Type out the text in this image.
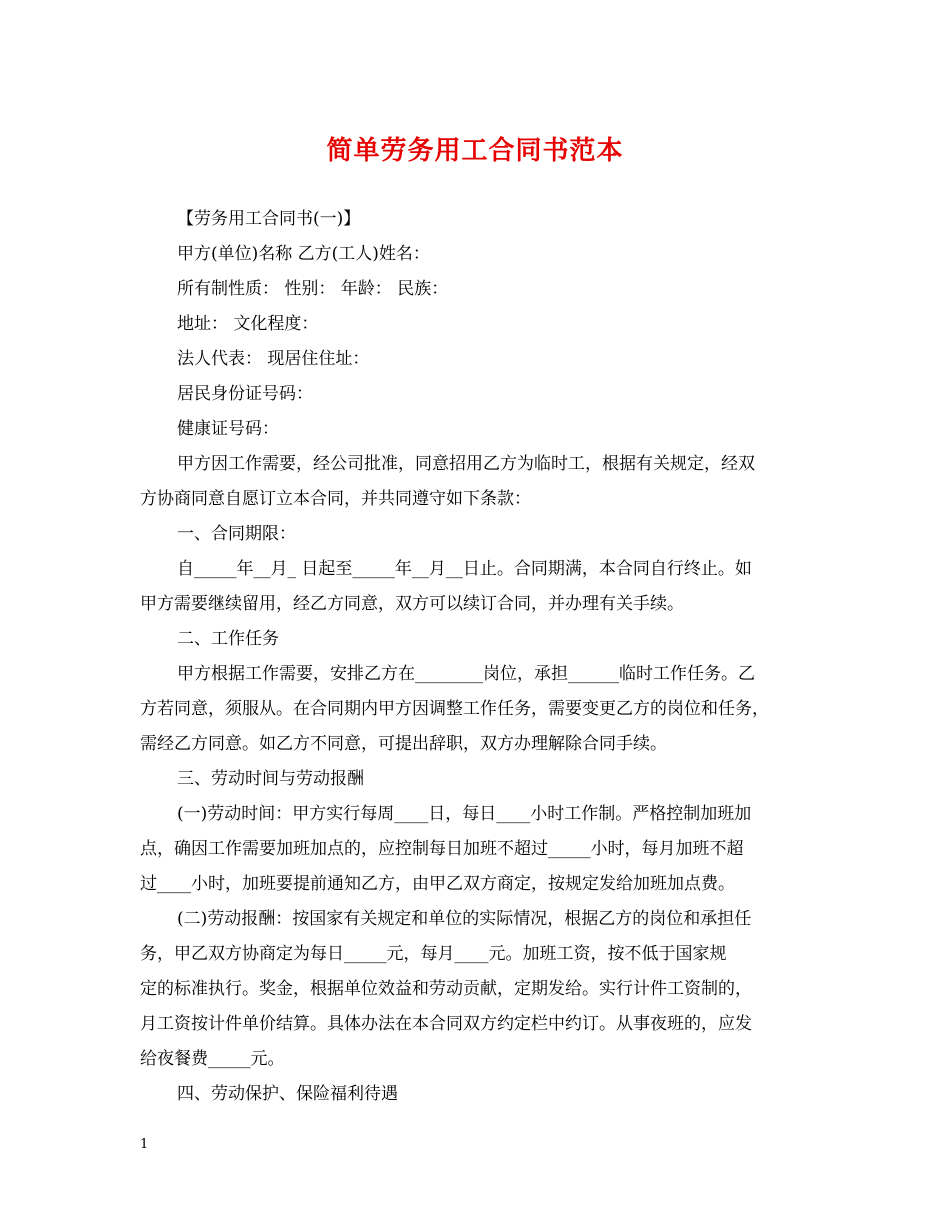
简单劳务用工合同书范本

【劳务用工合同书(一)】

甲方(单位)名称 乙方(工人)姓名：

所有制性质： 性别： 年龄： 民族：

地址： 文化程度：

法人代表： 现居住住址：

居民身份证号码：

健康证号码：

甲方因工作需要，经公司批准，同意招用乙方为临时工，根据有关规定，经双

方协商同意自愿订立本合同，并共同遵守如下条款：

一、合同期限：

自_____年__月_ 日起至_____年__月__日止。合同期满，本合同自行终止。如

甲方需要继续留用，经乙方同意，双方可以续订合同，并办理有关手续。

二、工作任务

甲方根据工作需要，安排乙方在________岗位，承担______临时工作任务。乙

方若同意，须服从。在合同期内甲方因调整工作任务，需要变更乙方的岗位和任务，

需经乙方同意。如乙方不同意，可提出辞职，双方办理解除合同手续。

三、劳动时间与劳动报酬

(一)劳动时间：甲方实行每周____日，每日____小时工作制。严格控制加班加

点，确因工作需要加班加点的，应控制每日加班不超过_____小时，每月加班不超

过____小时，加班要提前通知乙方，由甲乙双方商定，按规定发给加班加点费。

(二)劳动报酬：按国家有关规定和单位的实际情况，根据乙方的岗位和承担任

务，甲乙双方协商定为每日_____元，每月____元。加班工资，按不低于国家规

定的标准执行。奖金，根据单位效益和劳动贡献，定期发给。实行计件工资制的，

月工资按计件单价结算。具体办法在本合同双方约定栏中约订。从事夜班的，应发

给夜餐费_____元。

四、劳动保护、保险福利待遇

1
